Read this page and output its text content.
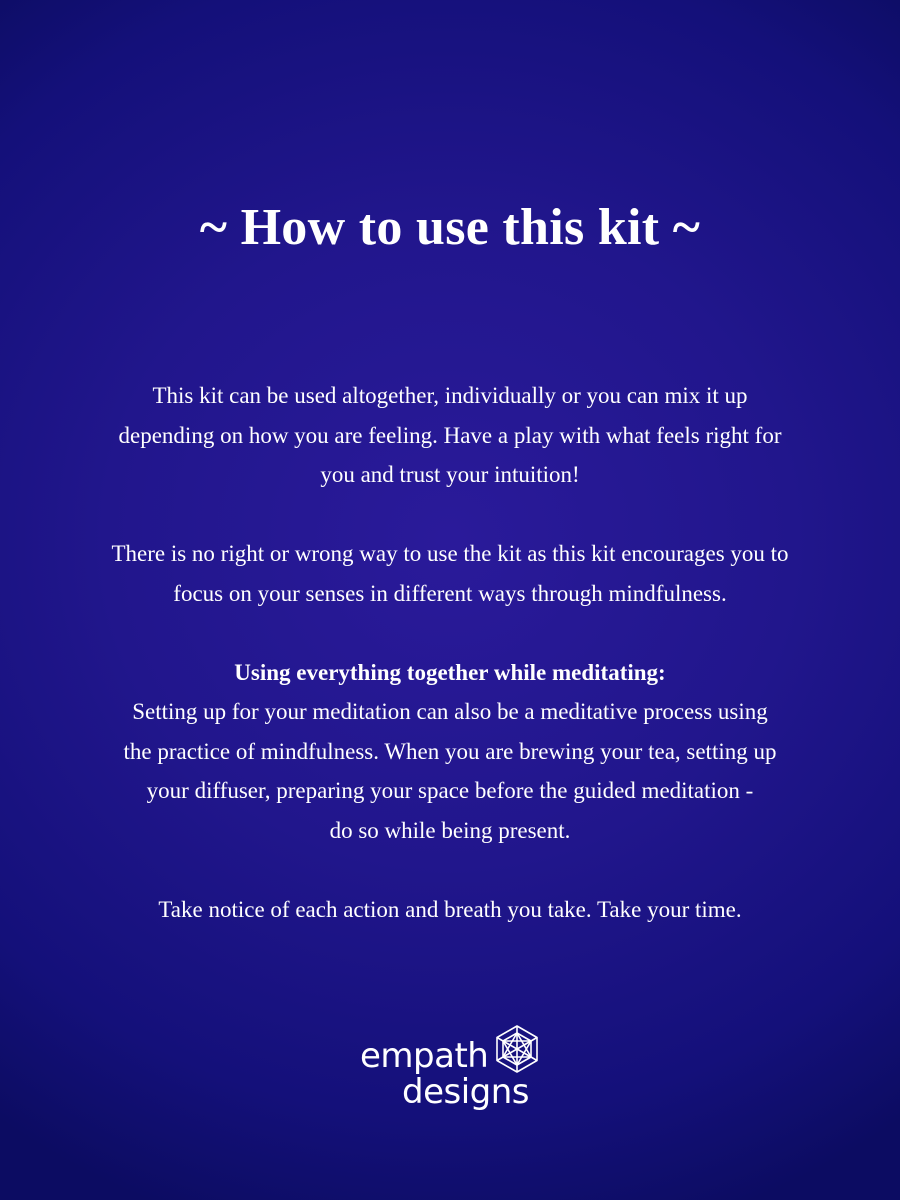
~ How to use this kit ~

This kit can be used altogether, individually or you can mix it up

depending on how you are feeling. Have a play with what feels right for

you and trust your intuition!

There is no right or wrong way to use the kit as this kit encourages you to

focus on your senses in different ways through mindfulness.

Using everything together while meditating:

Setting up for your meditation can also be a meditative process using

the practice of mindfulness. When you are brewing your tea, setting up

your diffuser, preparing your space before the guided meditation -

do so while being present.

Take notice of each action and breath you take. Take your time.

empath
designs
